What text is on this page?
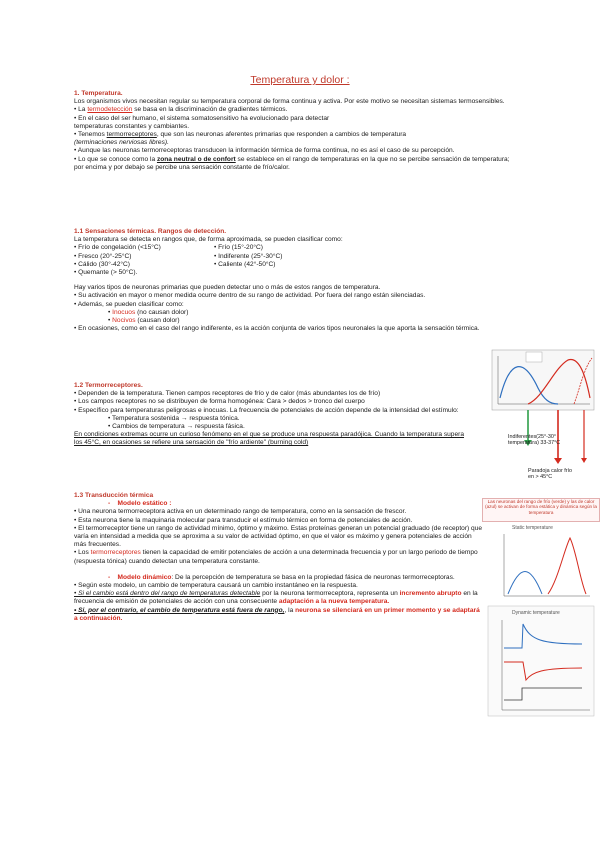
Temperatura y dolor :

1. Temperatura.

Los organismos vivos necesitan regular su temperatura corporal de forma continua y activa. Por este motivo se necesitan sistemas termosensibles.

• La termodetección se basa en la discriminación de gradientes térmicos.

• En el caso del ser humano, el sistema somatosensitivo ha evolucionado para detectar

temperaturas constantes y cambiantes.

• Tenemos termorreceptores, que son las neuronas aferentes primarias que responden a cambios de temperatura

(terminaciones nerviosas libres).

• Aunque las neuronas termorreceptoras transducen la información térmica de forma continua, no es así el caso de su percepción.

• Lo que se conoce como la zona neutral o de confort se establece en el rango de temperaturas en la que no se percibe sensación de temperatura; por encima y por debajo se percibe una sensación constante de frío/calor.

1.1 Sensaciones térmicas. Rangos de detección.

La temperatura se detecta en rangos que, de forma aproximada, se pueden clasificar como:

• Frío de congelación (<15°C)
• Fresco (20°-25°C)
• Cálido (30°-42°C)
• Quemante (> 50°C).
• Frío (15°-20°C)
• Indiferente (25°-30°C)
• Caliente (42°-50°C)

Hay varios tipos de neuronas primarias que pueden detectar uno o más de estos rangos de temperatura.

• Su activación en mayor o menor medida ocurre dentro de su rango de actividad. Por fuera del rango están silenciadas.

• Además, se pueden clasificar como:

• Inocuos (no causan dolor)

• Nocivos (causan dolor)

• En ocasiones, como en el caso del rango indiferente, es la acción conjunta de varios tipos neuronales la que aporta la sensación térmica.

1.2 Termorreceptores.

• Dependen de la temperatura. Tienen campos receptores de frío y de calor (más abundantes los de frío)

• Los campos receptores no se distribuyen de forma homogénea: Cara > dedos > tronco del cuerpo

• Específico para temperaturas peligrosas e inocuas. La frecuencia de potenciales de acción depende de la intensidad del estímulo:

• Temperatura sostenida → respuesta tónica.

• Cambios de temperatura → respuesta fásica.

En condiciones extremas ocurre un curioso fenómeno en el que se produce una respuesta paradójica. Cuando la temperatura supera los 45°C, en ocasiones se refiere una sensación de "frío ardiente" (burning cold)

1.3 Transducción térmica

-    Modelo estático :

• Una neurona termorreceptora activa en un determinado rango de temperatura, como en la sensación de frescor.

• Esta neurona tiene la maquinaria molecular para transducir el estímulo térmico en forma de potenciales de acción.

• El termorreceptor tiene un rango de actividad mínimo, óptimo y máximo. Estas proteínas generan un potencial graduado (de receptor) que varía en intensidad a medida que se aproxima a su valor de actividad óptimo, en que el valor es máximo y genera potenciales de acción más frecuentes.

• Los termorreceptores tienen la capacidad de emitir potenciales de acción a una determinada frecuencia y por un largo periodo de tiempo (respuesta tónica) cuando detectan una temperatura constante.

-    Modelo dinámico: De la percepción de temperatura se basa en la propiedad fásica de neuronas termorreceptoras.

• Según este modelo, un cambio de temperatura causará un cambio instantáneo en la respuesta.

• Si el cambio está dentro del rango de temperaturas detectable por la neurona termorreceptora, representa un incremento abrupto en la frecuencia de emisión de potenciales de acción con una consecuente adaptación a la nueva temperatura.

• Si, por el contrario, el cambio de temperatura está fuera de rango,, la neurona se silenciará en un primer momento y se adaptará a continuación.

Indiferentes(25°-30° temperatura) 33-37°C
Paradoja calor frío
en > 45°C
Las neuronas del rango de frío (verde) y las de calor (azul) se activan de forma estática y dinámica según la temperatura
Static temperature
Dynamic temperature
